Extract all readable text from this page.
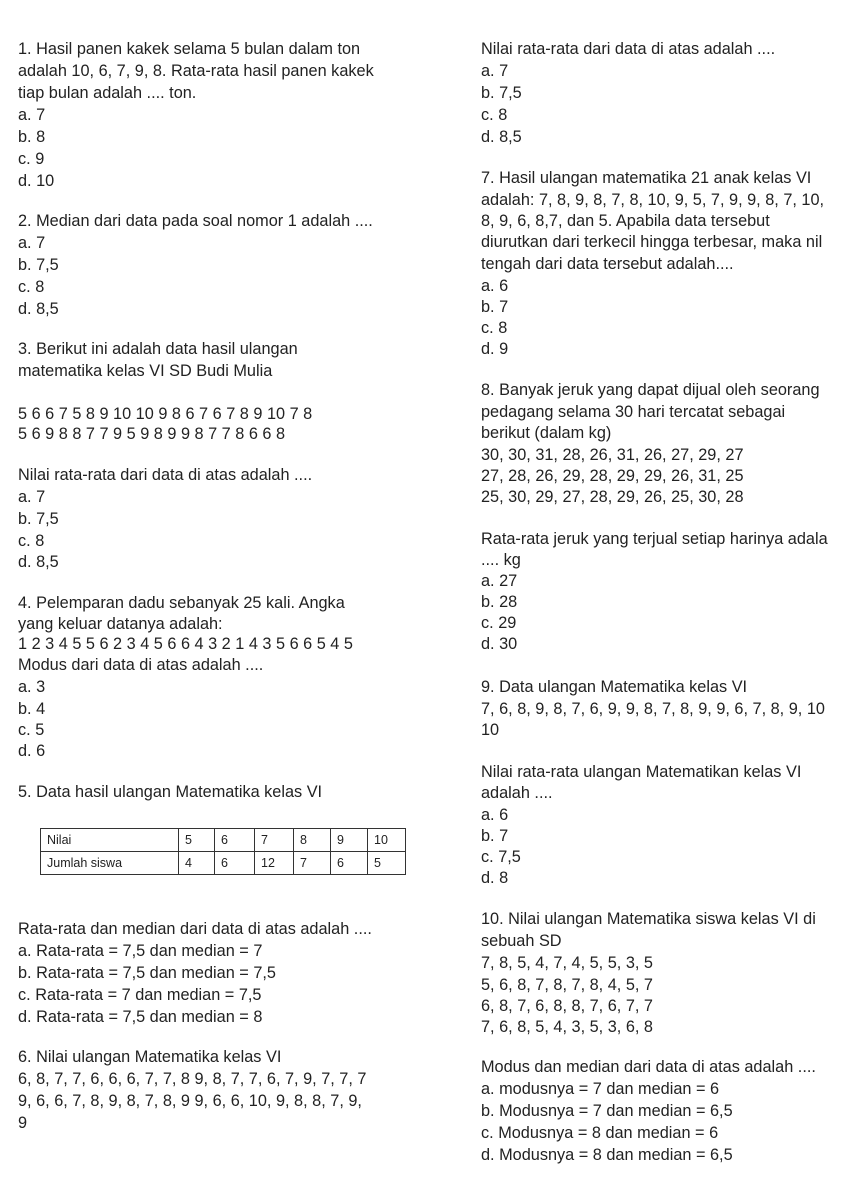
1. Hasil panen kakek selama 5 bulan dalam ton
adalah 10, 6, 7, 9, 8. Rata-rata hasil panen kakek
tiap bulan adalah .... ton.
a. 7
b. 8
c. 9
d. 10
2. Median dari data pada soal nomor 1 adalah ....
a. 7
b. 7,5
c. 8
d. 8,5
3. Berikut ini adalah data hasil ulangan
matematika kelas VI SD Budi Mulia
5 6 6 7 5 8 9 10 10 9 8 6 7 6 7 8 9 10 7 8
5 6 9 8 8 7 7 9 5 9 8 9 9 8 7 7 8 6 6 8
Nilai rata-rata dari data di atas adalah ....
a. 7
b. 7,5
c. 8
d. 8,5
4. Pelemparan dadu sebanyak 25 kali. Angka
yang keluar datanya adalah:
1 2 3 4 5 5 6 2 3 4 5 6 6 4 3 2 1 4 3 5 6 6 5 4 5
Modus dari data di atas adalah ....
a. 3
b. 4
c. 5
d. 6
5. Data hasil ulangan Matematika kelas VI
Nilai	5	6	7	8	9	10
Jumlah siswa	4	6	12	7	6	5
Rata-rata dan median dari data di atas adalah ....
a. Rata-rata = 7,5 dan median = 7
b. Rata-rata = 7,5 dan median = 7,5
c. Rata-rata = 7 dan median = 7,5
d. Rata-rata = 7,5 dan median = 8
6. Nilai ulangan Matematika kelas VI
6, 8, 7, 7, 6, 6, 6, 7, 7, 8 9, 8, 7, 7, 6, 7, 9, 7, 7, 7
9, 6, 6, 7, 8, 9, 8, 7, 8, 9 9, 6, 6, 10, 9, 8, 8, 7, 9,
9
Nilai rata-rata dari data di atas adalah ....
a. 7
b. 7,5
c. 8
d. 8,5
7. Hasil ulangan matematika 21 anak kelas VI
adalah: 7, 8, 9, 8, 7, 8, 10, 9, 5, 7, 9, 9, 8, 7, 10,
8, 9, 6, 8,7, dan 5. Apabila data tersebut
diurutkan dari terkecil hingga terbesar, maka nil
tengah dari data tersebut adalah....
a. 6
b. 7
c. 8
d. 9
8. Banyak jeruk yang dapat dijual oleh seorang
pedagang selama 30 hari tercatat sebagai
berikut (dalam kg)
30, 30, 31, 28, 26, 31, 26, 27, 29, 27
27, 28, 26, 29, 28, 29, 29, 26, 31, 25
25, 30, 29, 27, 28, 29, 26, 25, 30, 28
Rata-rata jeruk yang terjual setiap harinya adala
.... kg
a. 27
b. 28
c. 29
d. 30
9. Data ulangan Matematika kelas VI
7, 6, 8, 9, 8, 7, 6, 9, 9, 8, 7, 8, 9, 9, 6, 7, 8, 9, 10
10
Nilai rata-rata ulangan Matematikan kelas VI
adalah ....
a. 6
b. 7
c. 7,5
d. 8
10. Nilai ulangan Matematika siswa kelas VI di
sebuah SD
7, 8, 5, 4, 7, 4, 5, 5, 3, 5
5, 6, 8, 7, 8, 7, 8, 4, 5, 7
6, 8, 7, 6, 8, 8, 7, 6, 7, 7
7, 6, 8, 5, 4, 3, 5, 3, 6, 8
Modus dan median dari data di atas adalah ....
a. modusnya = 7 dan median = 6
b. Modusnya = 7 dan median = 6,5
c. Modusnya = 8 dan median = 6
d. Modusnya = 8 dan median = 6,5
